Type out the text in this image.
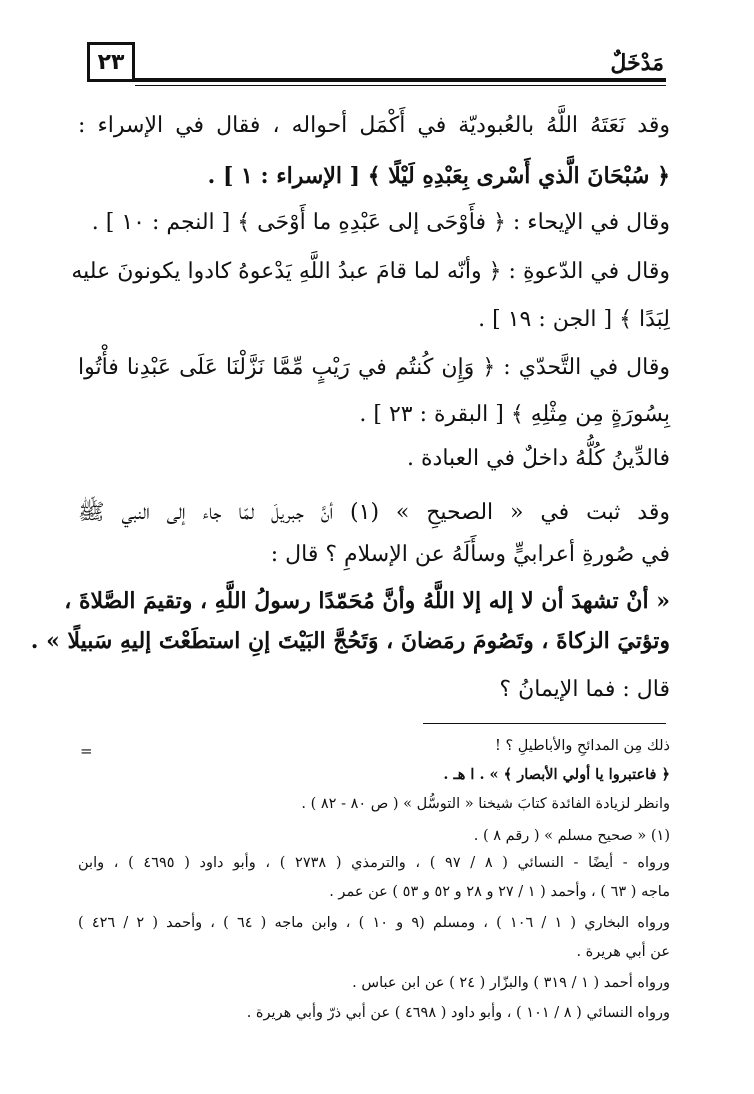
٢٣	مَدْخَلٌ
وقد نَعَتَهُ اللَّهُ بالعُبوديّة في أَكْمَل أحواله ، فقال في الإسراء :
﴿ سُبْحَانَ الَّذي أَسْرى بِعَبْدِهِ لَيْلًا ﴾ [ الإسراء : ١ ] .
وقال في الإيحاء : ﴿ فأَوْحَى إلى عَبْدِهِ ما أَوْحَى ﴾ [ النجم : ١٠ ] .
وقال في الدّعوةِ : ﴿ وأنّه لما قامَ عبدُ اللَّهِ يَدْعوهُ كادوا يكونونَ عليه
لِبَدًا ﴾ [ الجن : ١٩ ] .
وقال في التَّحدّي : ﴿ وَإِن كُنتُم في رَيْبٍ مِّمَّا نَزَّلْنَا عَلَى عَبْدِنا فأْتُوا
بِسُورَةٍ مِن مِثْلِهِ ﴾ [ البقرة : ٢٣ ] .
فالدِّينُ كُلُّهُ داخلٌ في العبادة .
وقد ثبت في « الصحيحِ » (١) أنَّ جبريلَ لمّا جاء إلى النبي ﷺ
في صُورةِ أعرابيٍّ وسأَلَهُ عن الإسلامِ ؟ قال :
« أنْ تشهدَ أن لا إله إلا اللَّهُ وأنَّ مُحَمّدًا رسولُ اللَّهِ ، وتقيمَ الصَّلاةَ ،
وتؤتيَ الزكاةَ ، وتَصُومَ رمَضانَ ، وَتَحُجَّ البَيْتَ إنِ استطَعْتَ إليهِ سَبيلًا » .
قال : فما الإيمانُ ؟
=	ذلك مِن المدائحِ والأباطيلِ ؟ !
﴿ فاعتبروا يا أولي الأبصار ﴾ » . ا هـ .
وانظر لزيادة الفائدة كتابَ شيخنا « التوسُّل » ( ص ٨٠ - ٨٢ ) .
(١) « صحيح مسلم » ( رقم ٨ ) .
ورواه - أيضًا - النسائي ( ٨ / ٩٧ ) ، والترمذي ( ٢٧٣٨ ) ، وأبو داود ( ٤٦٩٥ ) ، وابن
ماجه ( ٦٣ ) ، وأحمد ( ١ / ٢٧ و ٢٨ و ٥٢ و ٥٣ ) عن عمر .
ورواه البخاري ( ١ / ١٠٦ ) ، ومسلم (٩ و ١٠ ) ، وابن ماجه ( ٦٤ ) ، وأحمد ( ٢ / ٤٢٦ )
عن أبي هريرة .
ورواه أحمد ( ١ / ٣١٩ ) والبزّار ( ٢٤ ) عن ابن عباس .
ورواه النسائي ( ٨ / ١٠١ ) ، وأبو داود ( ٤٦٩٨ ) عن أبي ذرّ وأبي هريرة .
